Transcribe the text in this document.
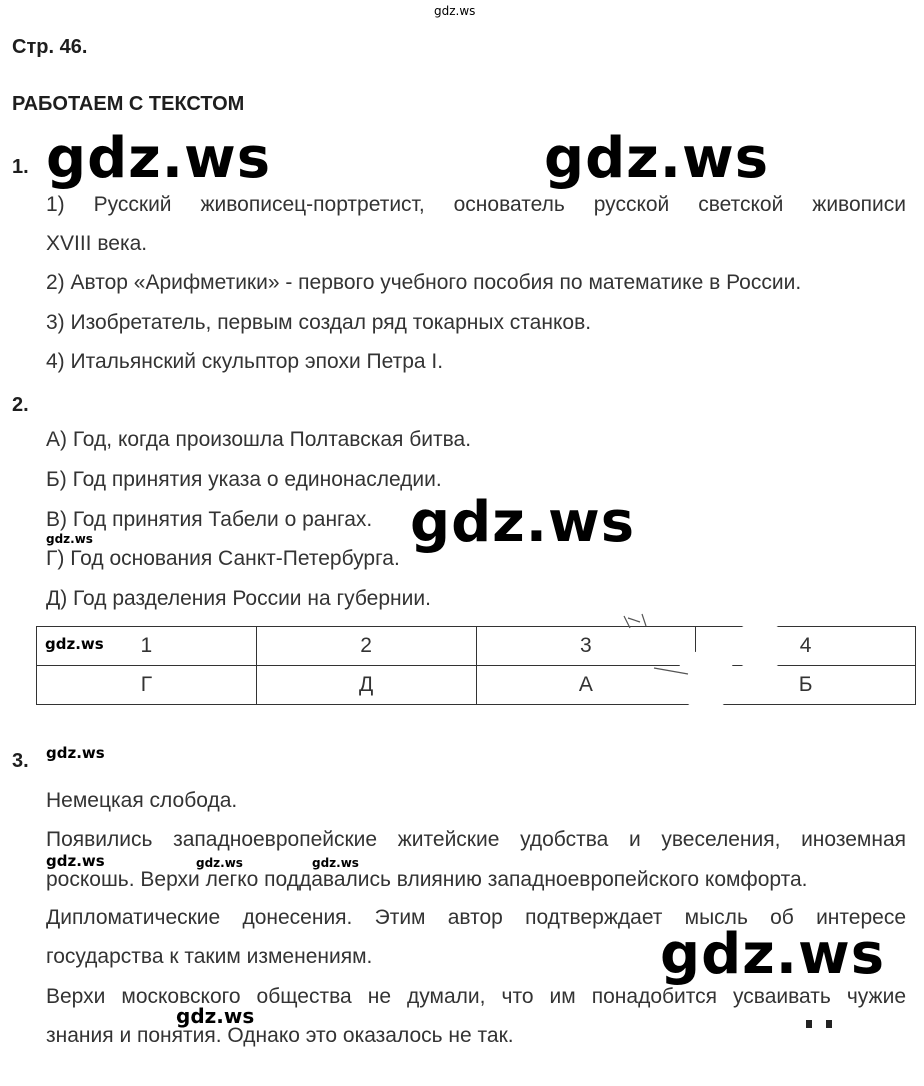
gdz.ws
Стр. 46.
РАБОТАЕМ С ТЕКСТОМ
1. gdz.ws	gdz.ws
1) Русский живописец-портретист, основатель русской светской живописи
XVIII века.
2) Автор «Арифметики» - первого учебного пособия по математике в России.
3) Изобретатель, первым создал ряд токарных станков.
4) Итальянский скульптор эпохи Петра I.
2.
А) Год, когда произошла Полтавская битва.
Б) Год принятия указа о единонаследии.
В) Год принятия Табели о рангах.
Г) Год основания Санкт-Петербурга.
Д) Год разделения России на губернии.
gdz.ws	gdz.ws
gdz.ws 1	2	3	4
Г	Д	А	Б
3. gdz.ws
Немецкая слобода.
Появились западноевропейские житейские удобства и увеселения, иноземная
роскошь. Верхи легко поддавались влиянию западноевропейского комфорта.
gdz.ws	gdz.ws	gdz.ws
Дипломатические донесения. Этим автор подтверждает мысль об интересе
государства к таким изменениям.	gdz.ws
Верхи московского общества не думали, что им понадобится усваивать чужие
знания и понятия. Однако это оказалось не так.
gdz.ws
